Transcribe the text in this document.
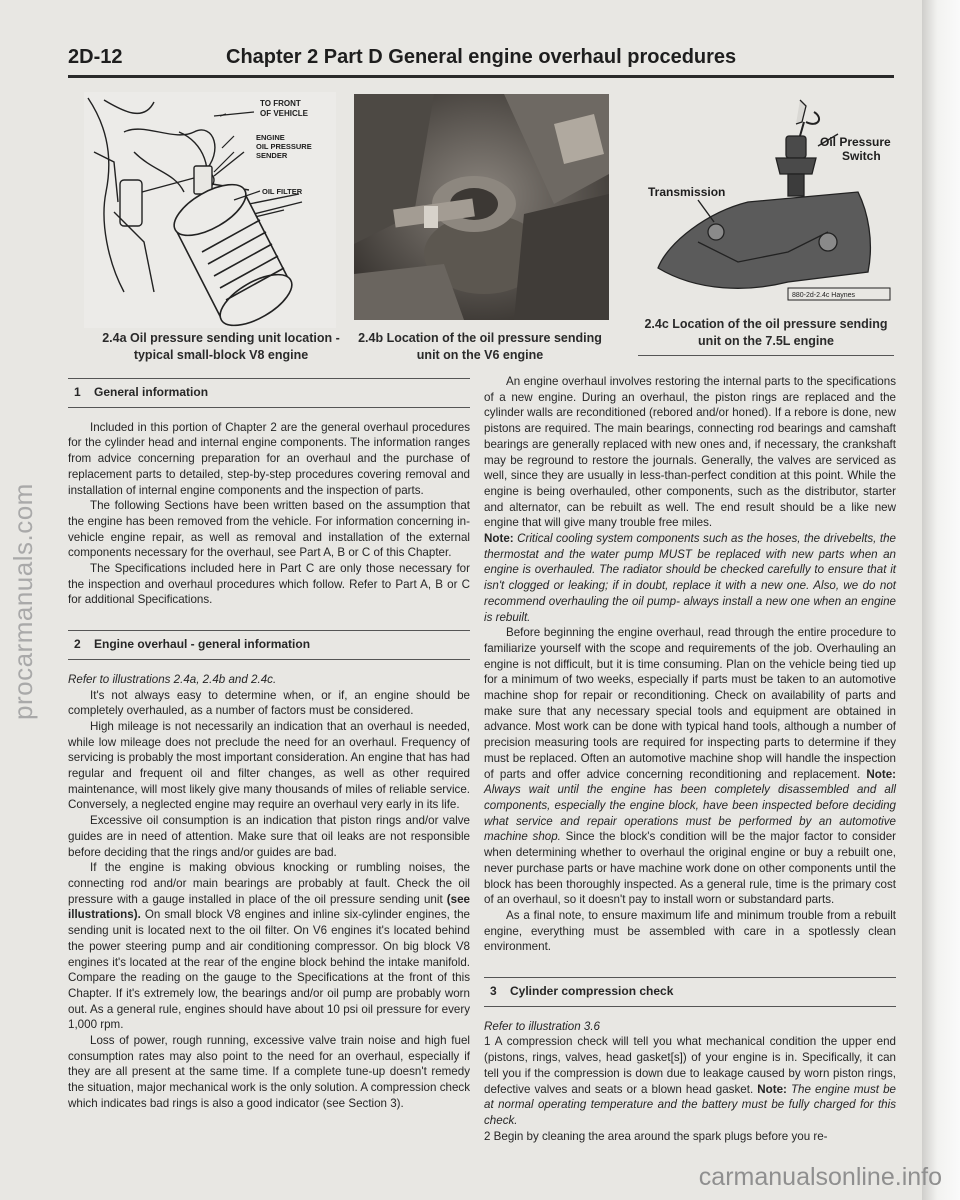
procarmanuals.com
2D-12	Chapter 2 Part D General engine overhaul procedures
TO FRONT
OF VEHICLE
ENGINE
OIL PRESSURE
SENDER
OIL FILTER
Oil Pressure
Switch
Transmission
880-2d-2.4c Haynes
2.4a Oil pressure sending unit location -
typical small-block V8 engine
2.4b Location of the oil pressure sending
unit on the V6 engine
2.4c Location of the oil pressure sending
unit on the 7.5L engine
1 General information

Included in this portion of Chapter 2 are the general overhaul procedures for the cylinder head and internal engine components. The information ranges from advice concerning preparation for an overhaul and the purchase of replacement parts to detailed, step-by-step procedures covering removal and installation of internal engine components and the inspection of parts.

The following Sections have been written based on the assumption that the engine has been removed from the vehicle. For information concerning in-vehicle engine repair, as well as removal and installation of the external components necessary for the overhaul, see Part A, B or C of this Chapter.

The Specifications included here in Part C are only those necessary for the inspection and overhaul procedures which follow. Refer to Part A, B or C for additional Specifications.

2 Engine overhaul - general information

Refer to illustrations 2.4a, 2.4b and 2.4c.

It's not always easy to determine when, or if, an engine should be completely overhauled, as a number of factors must be considered.

High mileage is not necessarily an indication that an overhaul is needed, while low mileage does not preclude the need for an overhaul. Frequency of servicing is probably the most important consideration. An engine that has had regular and frequent oil and filter changes, as well as other required maintenance, will most likely give many thousands of miles of reliable service. Conversely, a neglected engine may require an overhaul very early in its life.

Excessive oil consumption is an indication that piston rings and/or valve guides are in need of attention. Make sure that oil leaks are not responsible before deciding that the rings and/or guides are bad.

If the engine is making obvious knocking or rumbling noises, the connecting rod and/or main bearings are probably at fault. Check the oil pressure with a gauge installed in place of the oil pressure sending unit (see illustrations). On small block V8 engines and inline six-cylinder engines, the sending unit is located next to the oil filter. On V6 engines it's located behind the power steering pump and air conditioning compressor. On big block V8 engines it's located at the rear of the engine block behind the intake manifold. Compare the reading on the gauge to the Specifications at the front of this Chapter. If it's extremely low, the bearings and/or oil pump are probably worn out. As a general rule, engines should have about 10 psi oil pressure for every 1,000 rpm.

Loss of power, rough running, excessive valve train noise and high fuel consumption rates may also point to the need for an overhaul, especially if they are all present at the same time. If a complete tune-up doesn't remedy the situation, major mechanical work is the only solution. A compression check which indicates bad rings is also a good indicator (see Section 3).

An engine overhaul involves restoring the internal parts to the specifications of a new engine. During an overhaul, the piston rings are replaced and the cylinder walls are reconditioned (rebored and/or honed). If a rebore is done, new pistons are required. The main bearings, connecting rod bearings and camshaft bearings are generally replaced with new ones and, if necessary, the crankshaft may be reground to restore the journals. Generally, the valves are serviced as well, since they are usually in less-than-perfect condition at this point. While the engine is being overhauled, other components, such as the distributor, starter and alternator, can be rebuilt as well. The end result should be a like new engine that will give many trouble free miles.

Note: Critical cooling system components such as the hoses, the drivebelts, the thermostat and the water pump MUST be replaced with new parts when an engine is overhauled. The radiator should be checked carefully to ensure that it isn't clogged or leaking; if in doubt, replace it with a new one. Also, we do not recommend overhauling the oil pump- always install a new one when an engine is rebuilt.

Before beginning the engine overhaul, read through the entire procedure to familiarize yourself with the scope and requirements of the job. Overhauling an engine is not difficult, but it is time consuming. Plan on the vehicle being tied up for a minimum of two weeks, especially if parts must be taken to an automotive machine shop for repair or reconditioning. Check on availability of parts and make sure that any necessary special tools and equipment are obtained in advance. Most work can be done with typical hand tools, although a number of precision measuring tools are required for inspecting parts to determine if they must be replaced. Often an automotive machine shop will handle the inspection of parts and offer advice concerning reconditioning and replacement. Note: Always wait until the engine has been completely disassembled and all components, especially the engine block, have been inspected before deciding what service and repair operations must be performed by an automotive machine shop. Since the block's condition will be the major factor to consider when determining whether to overhaul the original engine or buy a rebuilt one, never purchase parts or have machine work done on other components until the block has been thoroughly inspected. As a general rule, time is the primary cost of an overhaul, so it doesn't pay to install worn or substandard parts.

As a final note, to ensure maximum life and minimum trouble from a rebuilt engine, everything must be assembled with care in a spotlessly clean environment.

3 Cylinder compression check

Refer to illustration 3.6

1 A compression check will tell you what mechanical condition the upper end (pistons, rings, valves, head gasket[s]) of your engine is in. Specifically, it can tell you if the compression is down due to leakage caused by worn piston rings, defective valves and seats or a blown head gasket. Note: The engine must be at normal operating temperature and the battery must be fully charged for this check.

2 Begin by cleaning the area around the spark plugs before you re-

carmanualsonline.info
